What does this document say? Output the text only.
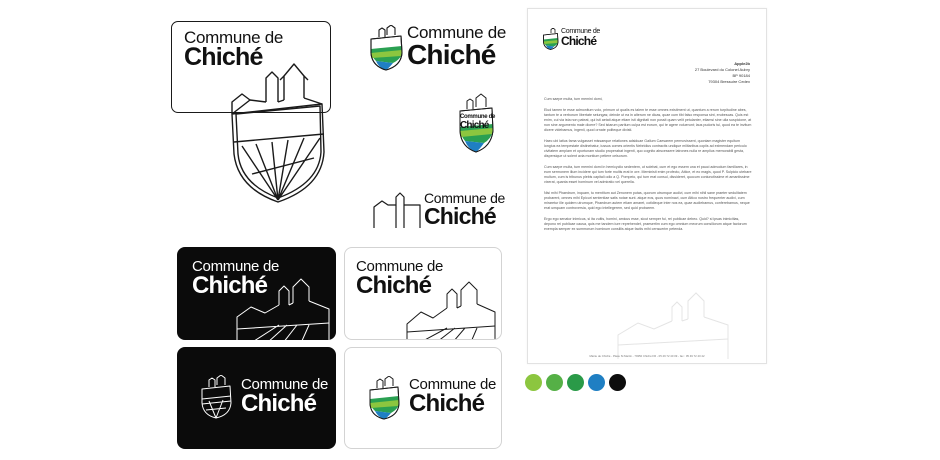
Commune de
Chiché
Commune de
Chiché
Commune de
Chiché
Commune de
Chiché
Commune de
Chiché
Commune de
Chiché
Commune de
Chiché
Commune de
Chiché
Commune de
Chiché
Apple2b
27 Boulevard du Colonel Aubry
BP 90184
79304 Bressuire Cedex
Cum saepe multa, tum memini domi,
Elud tamen te esse admonitum volo, primum ut qualis es talem te esse omnes existiment ut, quantum a rerum turpitudine abes, tantum te a verborum libertate seiungas; deinde ut ea in alterum ne dicas, quae cum tibi falso responsa sint, erubescas. Quis est enim, cui via ista non pateat, qui isti aetati atque etiam isti dignitati non possit quam velit petulanter, etiamsi sine ulla suspicione, at non sine argumento male dicere? Sed istarum partium culpa est eorum, qui te agere voluerunt; laus pudoris tui, quod ea te invitum dicere videbamus, ingenii, quod ornate politeque dixisti.
Haec ubi latius fama vulgasset missaeque relationes adsiduae Gallum Caesarem permovissent, quoniam magister equitum longius ea tempestate distinebatur, iussus comes orientis Nebridius contractis undique militaribus copiis ad eximendam periculo civitatem amplam et oportunam studio properabat ingenti, quo cognito abscessere latrones nulla re amplius memorabili gesta, dispersique ut solent avia montium petiere celsorum.
Cum saepe multa, tum memini domi in hemicyclio sedentem, ut solebat, cum et ego essem una et pauci admodum familiares, in eum sermonem illum incidere qui tum forte multis erat in ore. Meministi enim profecto, Attice, et eo magis, quod P. Sulpicio utebare multum, cum is tribunus plebis capitali odio a Q. Pompeio, qui tum erat consul, dissideret, quocum coniunctissime et amantissime vixerat, quanta esset hominum vel admiratio vel querella.
Nisi mihi Phaedrum, inquam, tu mentitum aut Zenonem putas, quorum utrumque audivi, cum mihi nihil sane praeter sedulitatem probarent, omnes mihi Epicuri sententiae satis notae sunt. atque eos, quos nominavi, cum Attico nostro frequenter audivi, cum miraretur ille quidem utrumque, Phaedrum autem etiam amaret, cotidieque inter nos ea, quae audiebamus, conferebamus, neque erat umquam controversia, quid ego intellegerem, sed quid probarem.
Ergo ego senator inimicus, si ita vultis, homini, amicus esse, sicut semper fui, rei publicae debeo. Quid? si ipsas inimicitias, depono rei publicae causa, quis me tandem iure reprehendet, praesertim cum ego omnium meorum consiliorum atque factorum exempla semper ex summorum hominum consiliis atque factis mihi censuerim petenda.
Mairie de Chiché - Place St Martin - 79350 Chiché FR - 05 49 72 40 09 - fax : 05 49 72 40 42
